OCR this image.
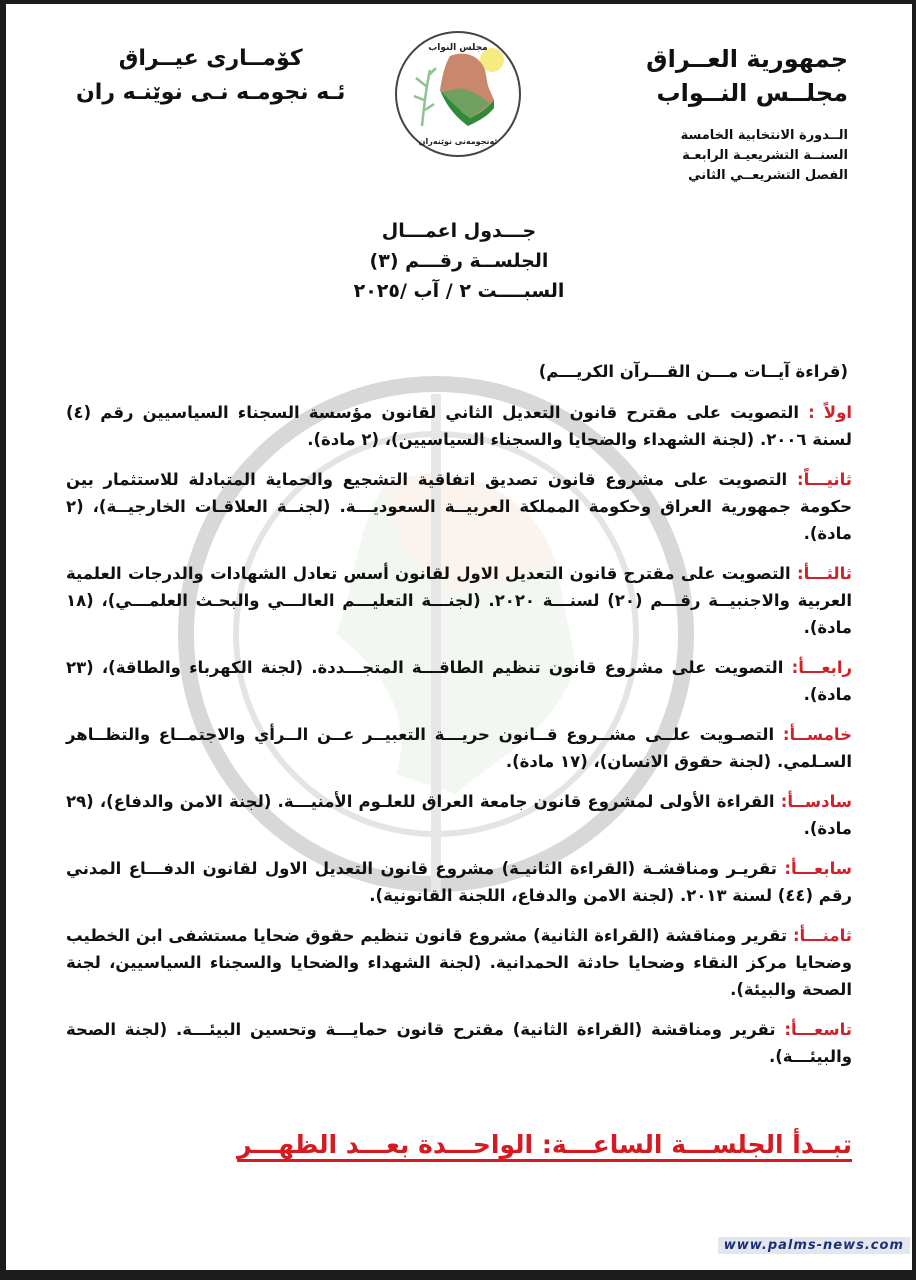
جمهورية العــراق
مجلــس النــواب
الــدورة الانتخابية الخامسة
السنــة التشريعيـة الرابعـة
الفصل التشريعــي الثاني
مجلس النواب
ئەنجومەنی نوێنەران
كۆمــارى عيــراق
ئـه نجومـه نـى نوێنـه ران
جـــدول اعمـــال
الجلســة رقـــم (٣)
السبــــت ٢ / آب /٢٠٢٥
(قراءة آيــات مـــن القـــرآن الكريـــم)
اولاً : التصويت على مقترح قانون التعديل الثاني لقانون مؤسسة السجناء السياسيين رقم (٤) لسنة ٢٠٠٦. (لجنة الشهداء والضحايا والسجناء السياسيين)، (٢ مادة).
ثانيـــاً: التصويت على مشروع قانون تصديق اتفاقية التشجيع والحماية المتبادلة للاستثمار بين حكومة جمهورية العراق وحكومة المملكة العربيــة السعوديـــة. (لجنــة العلاقـات الخارجيــة)، (٢ مادة).
ثالثـــأ: التصويت على مقترح قانون التعديل الاول لقانون أسس تعادل الشهادات والدرجات العلمية العربية والاجنبيــة رقـــم (٢٠) لسنـــة ٢٠٢٠. (لجنـــة التعليـــم العالـــي والبحـث العلمـــي)، (١٨ مادة).
رابعـــأ: التصويت على مشروع قانون تنظيم الطاقـــة المتجـــددة. (لجنة الكهرباء والطاقة)، (٢٣ مادة).
خامســأ: التصـويت علــى مشــروع قــانون حريـــة التعبيــر عــن الــرأي والاجتمــاع والتظــاهر السـلمي. (لجنة حقوق الانسان)، (١٧ مادة).
سادســأ: القراءة الأولى لمشروع قانون جامعة العراق للعلـوم الأمنيـــة. (لجنة الامن والدفاع)، (٢٩ مادة).
سابعـــأ: تقريـر ومناقشـة (القراءة الثانيـة) مشروع قانون التعديل الاول لقانون الدفـــاع المدني رقم (٤٤) لسنة ٢٠١٣. (لجنة الامن والدفاع، اللجنة القانونية).
ثامنـــأ: تقرير ومناقشة (القراءة الثانية) مشروع قانون تنظيم حقوق ضحايا مستشفى ابن الخطيب وضحايا مركز النقاء وضحايا حادثة الحمدانية. (لجنة الشهداء والضحايا والسجناء السياسيين، لجنة الصحة والبيئة).
تاسعـــأ: تقرير ومناقشة (القراءة الثانية) مقترح قانون حمايـــة وتحسين البيئـــة. (لجنة الصحة والبيئـــة).
تبــدأ الجلســـة الساعـــة: الواحـــدة بعـــد الظهـــر
www.palms-news.com
